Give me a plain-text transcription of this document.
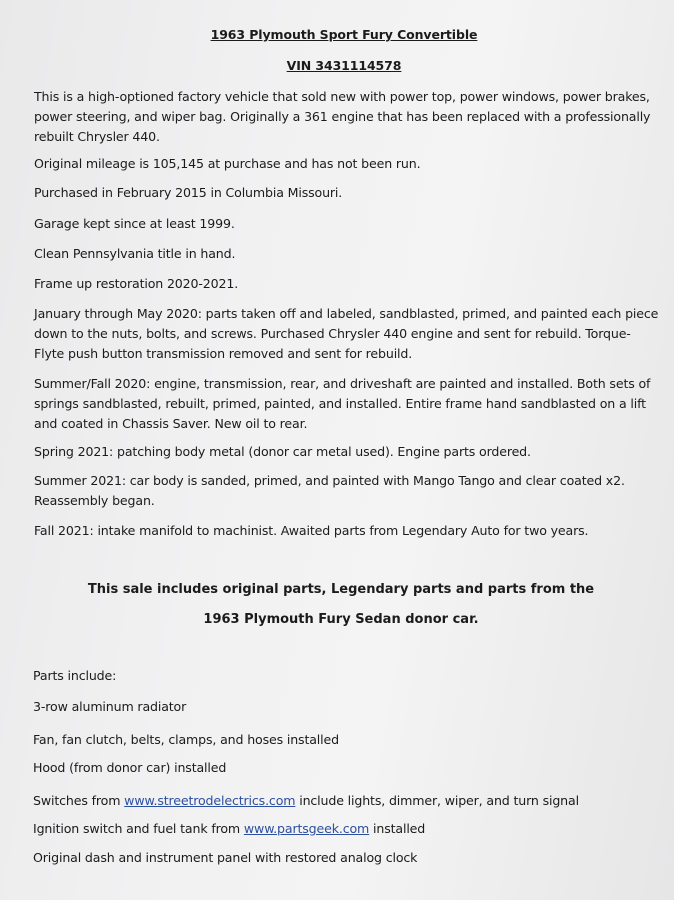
1963 Plymouth Sport Fury Convertible
VIN 3431114578
This is a high-optioned factory vehicle that sold new with power top, power windows, power brakes, power steering, and wiper bag. Originally a 361 engine that has been replaced with a professionally rebuilt Chrysler 440.
Original mileage is 105,145 at purchase and has not been run.
Purchased in February 2015 in Columbia Missouri.
Garage kept since at least 1999.
Clean Pennsylvania title in hand.
Frame up restoration 2020-2021.
January through May 2020: parts taken off and labeled, sandblasted, primed, and painted each piece down to the nuts, bolts, and screws. Purchased Chrysler 440 engine and sent for rebuild. Torque-Flyte push button transmission removed and sent for rebuild.
Summer/Fall 2020: engine, transmission, rear, and driveshaft are painted and installed. Both sets of springs sandblasted, rebuilt, primed, painted, and installed. Entire frame hand sandblasted on a lift and coated in Chassis Saver. New oil to rear.
Spring 2021: patching body metal (donor car metal used). Engine parts ordered.
Summer 2021: car body is sanded, primed, and painted with Mango Tango and clear coated x2. Reassembly began.
Fall 2021: intake manifold to machinist. Awaited parts from Legendary Auto for two years.
This sale includes original parts, Legendary parts and parts from the
1963 Plymouth Fury Sedan donor car.
Parts include:
3-row aluminum radiator
Fan, fan clutch, belts, clamps, and hoses installed
Hood (from donor car) installed
Switches from www.streetrodelectrics.com include lights, dimmer, wiper, and turn signal
Ignition switch and fuel tank from www.partsgeek.com installed
Original dash and instrument panel with restored analog clock
